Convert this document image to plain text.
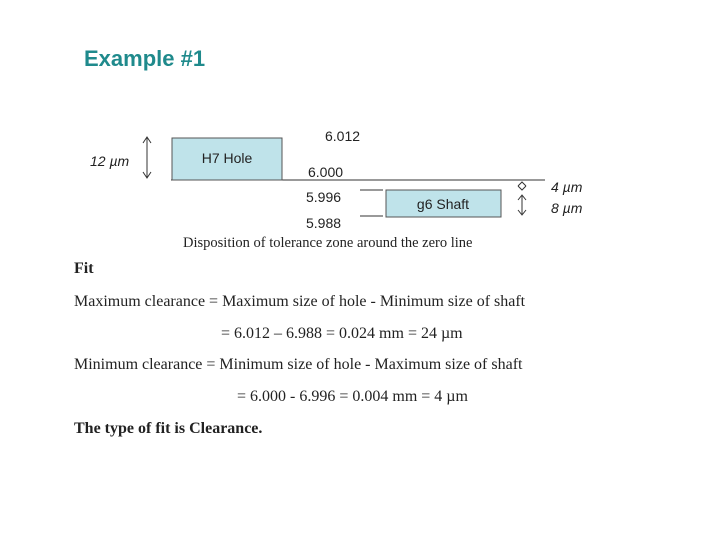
Example #1
H7 Hole
g6 Shaft
6.012
6.000
5.996
5.988
12 µm
4 µm
8 µm
Disposition of tolerance zone around the zero line

Fit

Maximum clearance = Maximum size of hole - Minimum size of shaft

= 6.012 – 6.988 = 0.024 mm = 24 µm

Minimum clearance = Minimum size of hole - Maximum size of shaft

= 6.000 - 6.996 = 0.004 mm = 4 µm

The type of fit is Clearance.
